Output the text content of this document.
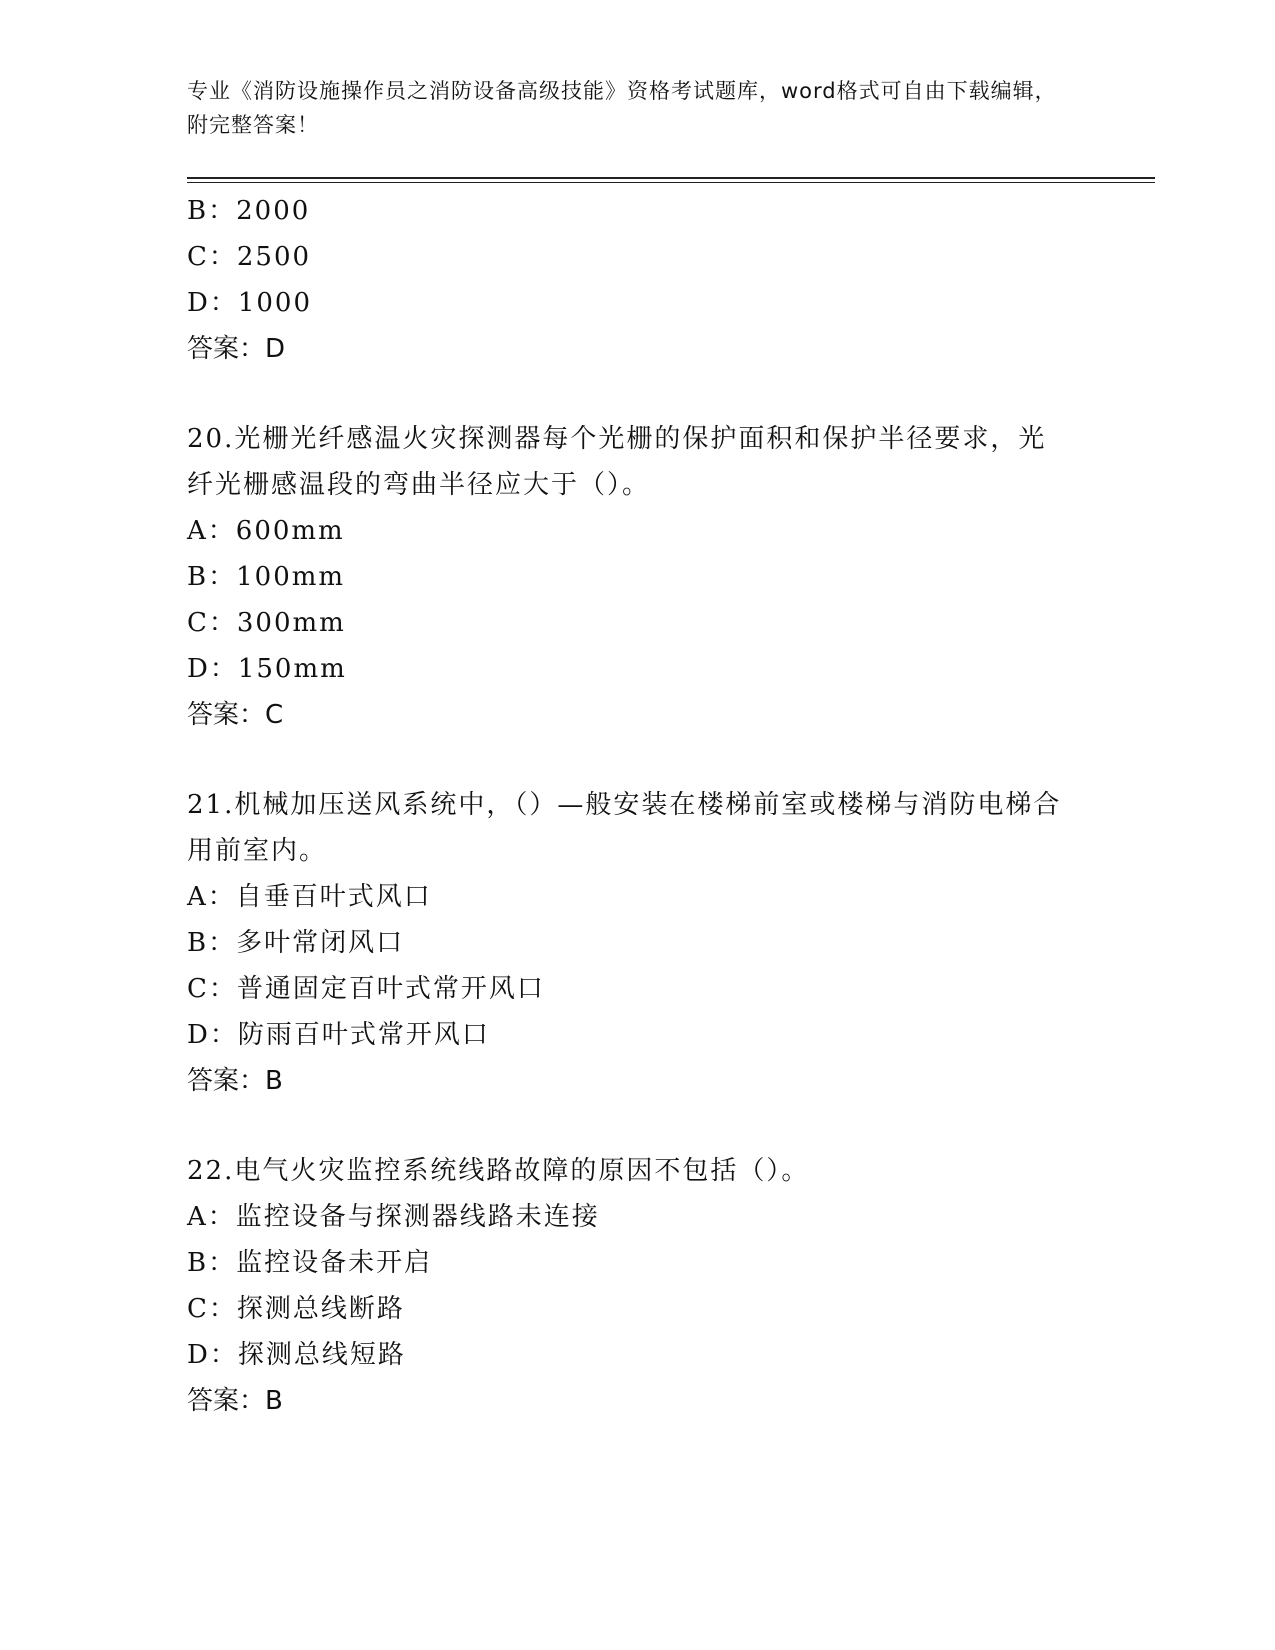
专业《消防设施操作员之消防设备高级技能》资格考试题库，word格式可自由下载编辑，附完整答案！

B：2000

C：2500

D：1000

答案：D

20.光栅光纤感温火灾探测器每个光栅的保护面积和保护半径要求，光纤光栅感温段的弯曲半径应大于（）。

A：600mm

B：100mm

C：300mm

D：150mm

答案：C

21.机械加压送风系统中，（）—般安装在楼梯前室或楼梯与消防电梯合用前室内。

A：自垂百叶式风口

B：多叶常闭风口

C：普通固定百叶式常开风口

D：防雨百叶式常开风口

答案：B

22.电气火灾监控系统线路故障的原因不包括（）。

A：监控设备与探测器线路未连接

B：监控设备未开启

C：探测总线断路

D：探测总线短路

答案：B
